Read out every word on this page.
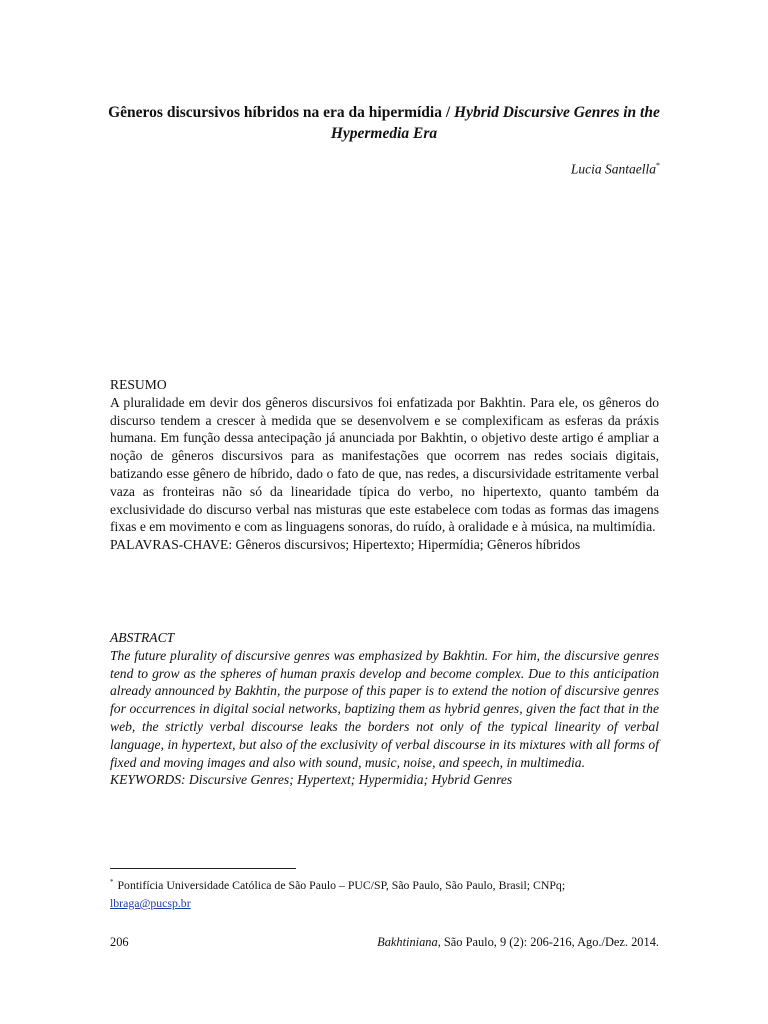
Gêneros discursivos híbridos na era da hipermídia / Hybrid Discursive Genres in the Hypermedia Era
Lucia Santaella*
RESUMO
A pluralidade em devir dos gêneros discursivos foi enfatizada por Bakhtin. Para ele, os gêneros do discurso tendem a crescer à medida que se desenvolvem e se complexificam as esferas da práxis humana. Em função dessa antecipação já anunciada por Bakhtin, o objetivo deste artigo é ampliar a noção de gêneros discursivos para as manifestações que ocorrem nas redes sociais digitais, batizando esse gênero de híbrido, dado o fato de que, nas redes, a discursividade estritamente verbal vaza as fronteiras não só da linearidade típica do verbo, no hipertexto, quanto também da exclusividade do discurso verbal nas misturas que este estabelece com todas as formas das imagens fixas e em movimento e com as linguagens sonoras, do ruído, à oralidade e à música, na multimídia.
PALAVRAS-CHAVE: Gêneros discursivos; Hipertexto; Hipermídia; Gêneros híbridos
ABSTRACT
The future plurality of discursive genres was emphasized by Bakhtin. For him, the discursive genres tend to grow as the spheres of human praxis develop and become complex. Due to this anticipation already announced by Bakhtin, the purpose of this paper is to extend the notion of discursive genres for occurrences in digital social networks, baptizing them as hybrid genres, given the fact that in the web, the strictly verbal discourse leaks the borders not only of the typical linearity of verbal language, in hypertext, but also of the exclusivity of verbal discourse in its mixtures with all forms of fixed and moving images and also with sound, music, noise, and speech, in multimedia.
KEYWORDS: Discursive Genres; Hypertext; Hypermidia; Hybrid Genres
* Pontifícia Universidade Católica de São Paulo – PUC/SP, São Paulo, São Paulo, Brasil; CNPq;
lbraga@pucsp.br
206	Bakhtiniana, São Paulo, 9 (2): 206-216, Ago./Dez. 2014.
